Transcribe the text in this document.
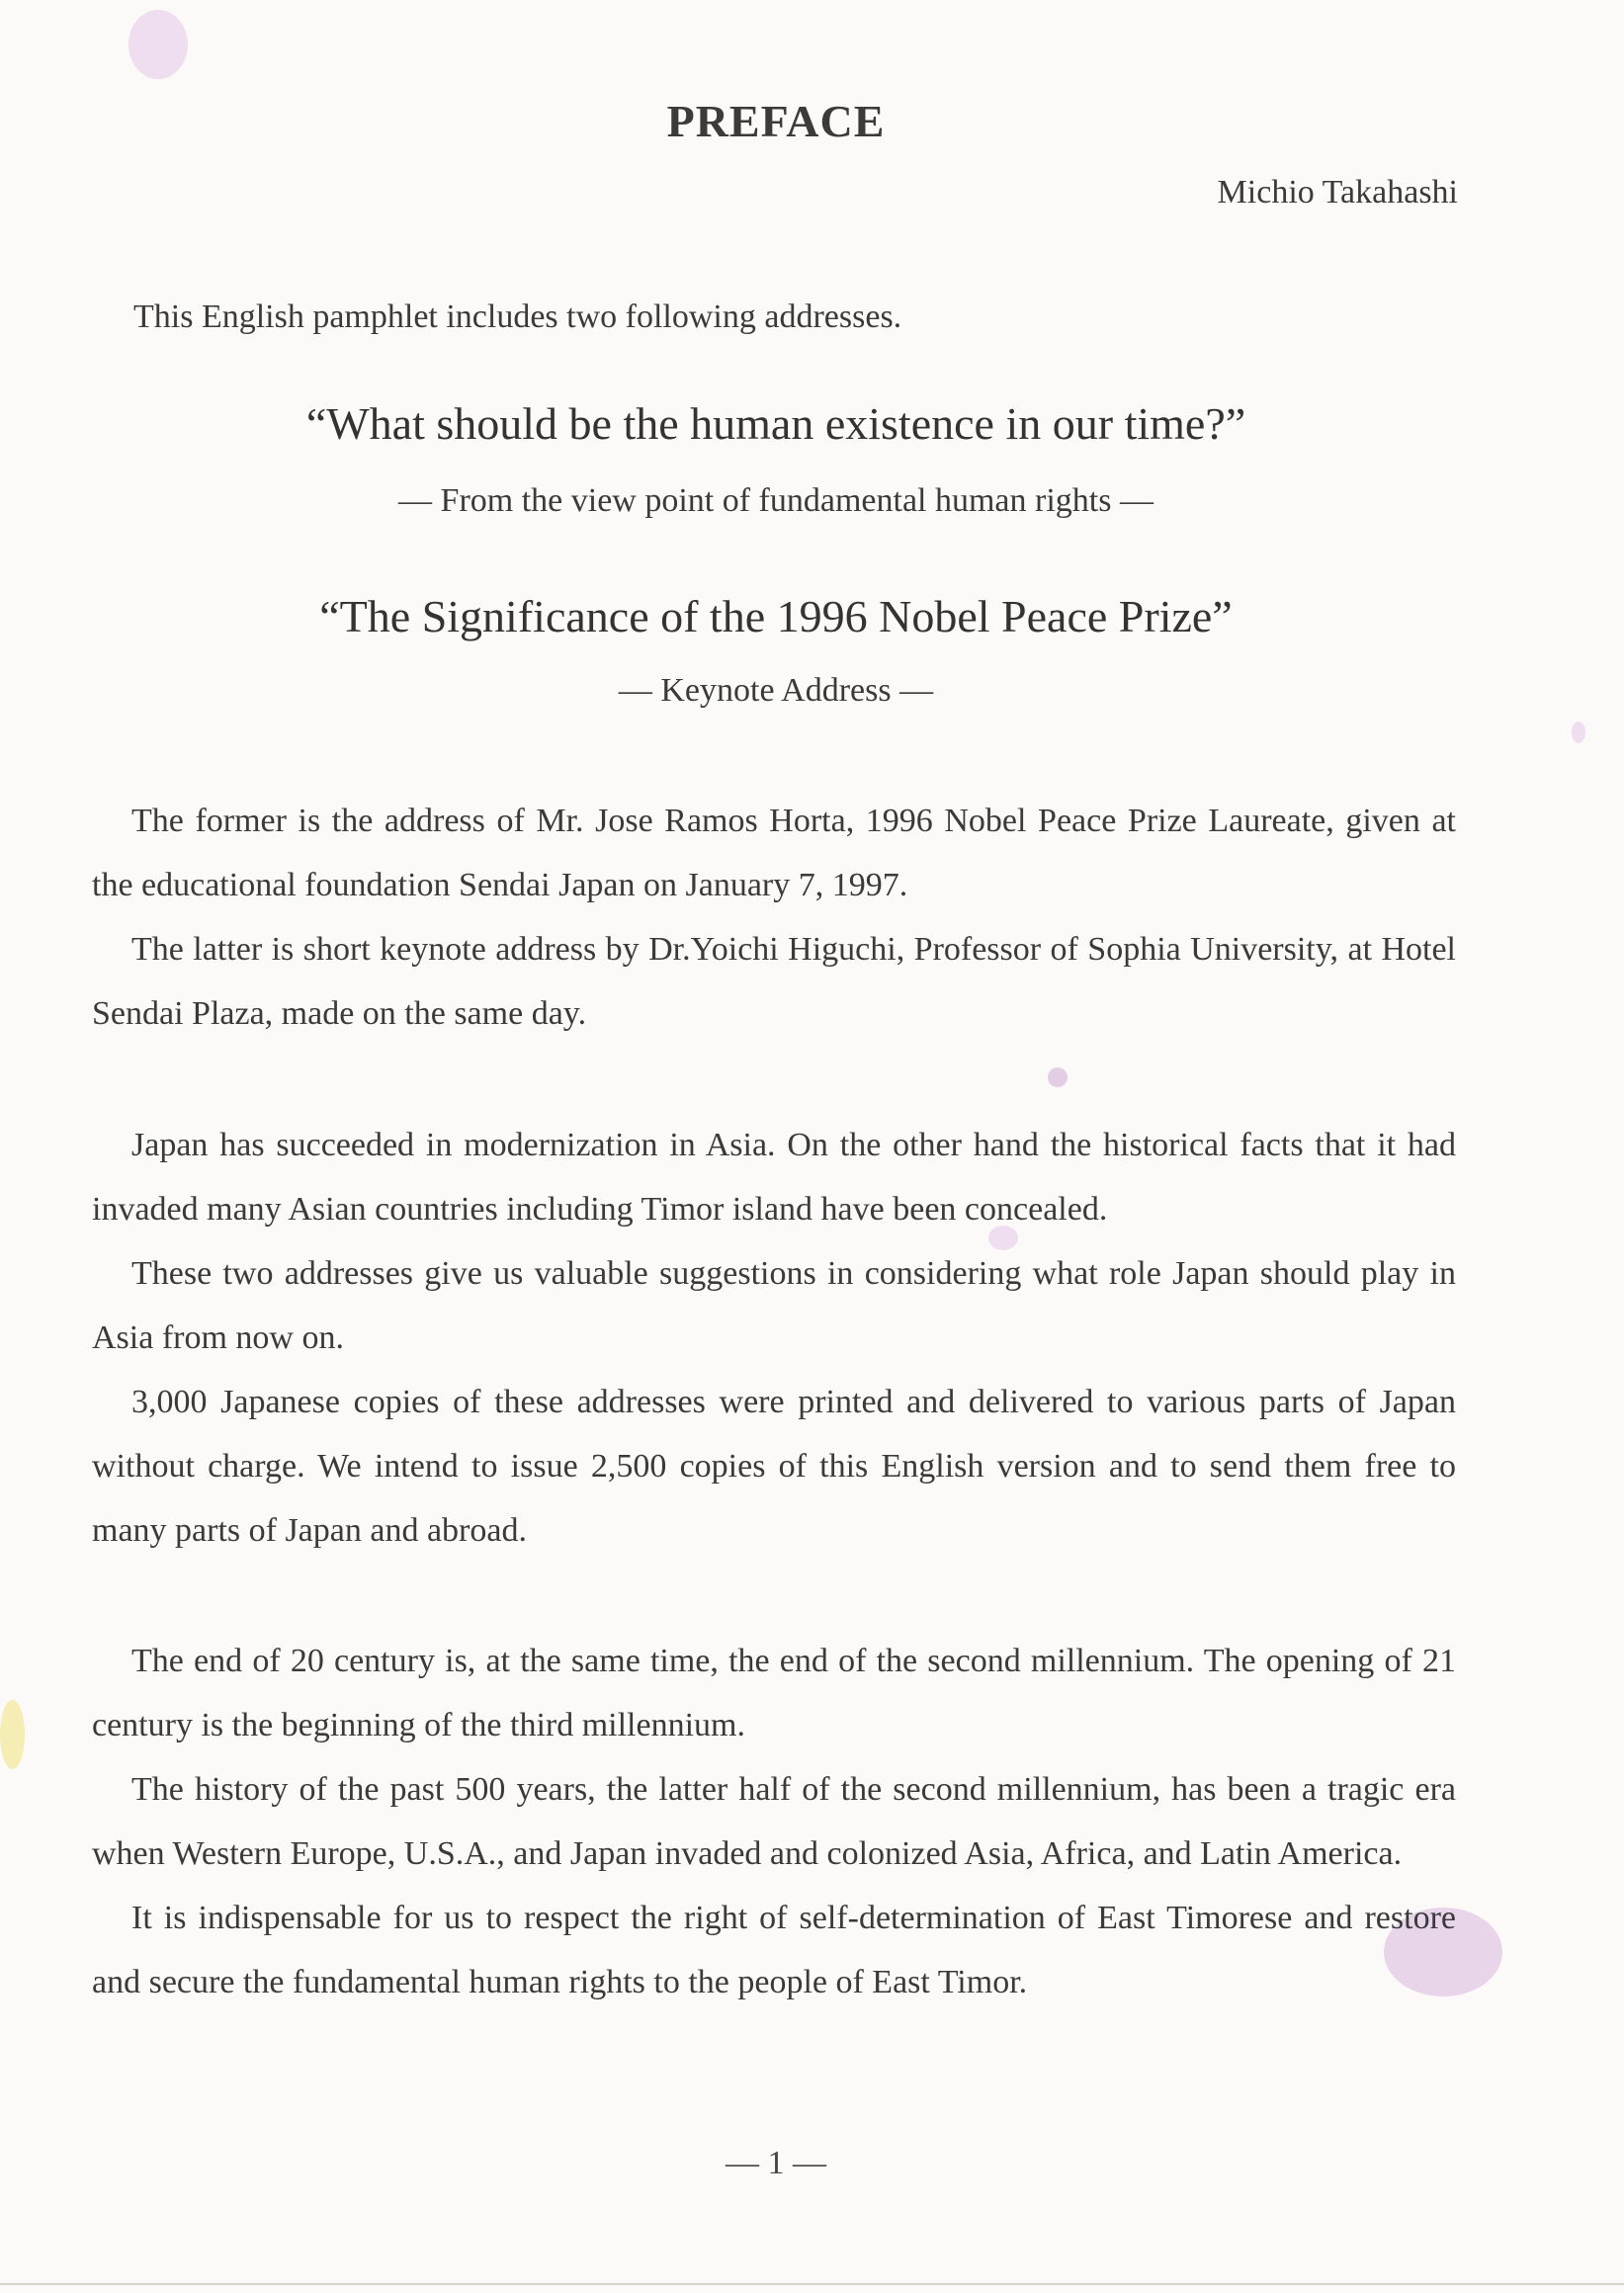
PREFACE
Michio Takahashi
This English pamphlet includes two following addresses.
“What should be the human existence in our time?”
— From the view point of fundamental human rights —
“The Significance of the 1996 Nobel Peace Prize”
— Keynote Address —

The former is the address of Mr. Jose Ramos Horta, 1996 Nobel Peace Prize Laureate, given at the educational foundation Sendai Japan on January 7, 1997.

The latter is short keynote address by Dr.Yoichi Higuchi, Professor of Sophia University, at Hotel Sendai Plaza, made on the same day.

Japan has succeeded in modernization in Asia. On the other hand the historical facts that it had invaded many Asian countries including Timor island have been concealed.

These two addresses give us valuable suggestions in considering what role Japan should play in Asia from now on.

3,000 Japanese copies of these addresses were printed and delivered to various parts of Japan without charge. We intend to issue 2,500 copies of this English version and to send them free to many parts of Japan and abroad.

The end of 20 century is, at the same time, the end of the second millennium. The opening of 21 century is the beginning of the third millennium.

The history of the past 500 years, the latter half of the second millennium, has been a tragic era when Western Europe, U.S.A., and Japan invaded and colonized Asia, Africa, and Latin America.

It is indispensable for us to respect the right of self-determination of East Timorese and restore and secure the fundamental human rights to the people of East Timor.

— 1 —
